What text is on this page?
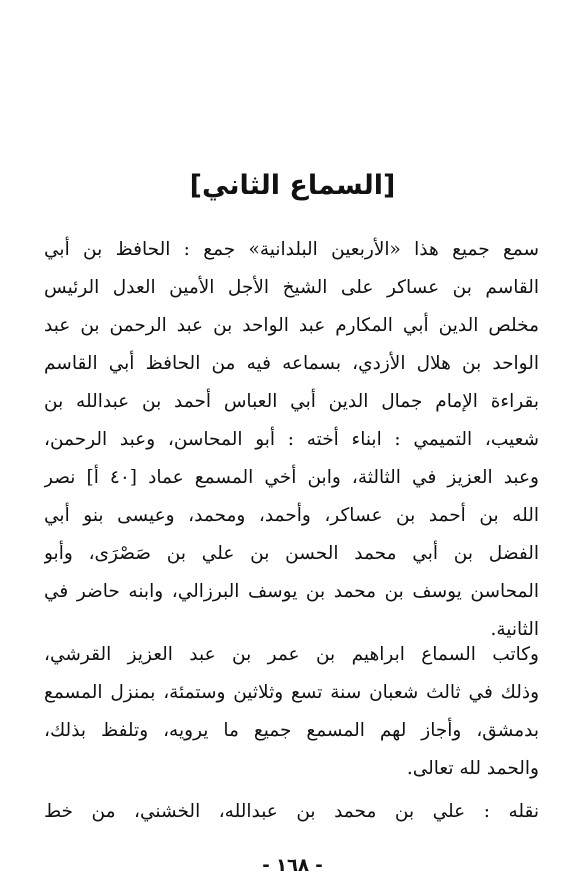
[السماع الثاني]
سمع جميع هذا «الأربعين البلدانية» جمع : الحافظ بن أبي
القاسم بن عساكر على الشيخ الأجل الأمين العدل الرئيس
مخلص الدين أبي المكارم عبد الواحد بن عبد الرحمن بن عبد
الواحد بن هلال الأزدي، بسماعه فيه من الحافظ أبي القاسم
بقراءة الإمام جمال الدين أبي العباس أحمد بن عبدالله بن
شعيب، التميمي : ابناء أخته : أبو المحاسن، وعبد الرحمن،
وعبد العزيز في الثالثة، وابن أخي المسمع عماد [٤٠ أ] نصر
الله بن أحمد بن عساكر، وأحمد، ومحمد، وعيسى بنو أبي
الفضل بن أبي محمد الحسن بن علي بن صَصْرَى، وأبو
المحاسن يوسف بن محمد بن يوسف البرزالي، وابنه حاضر في
الثانية.
وكاتب السماع ابراهيم بن عمر بن عبد العزيز القرشي،
وذلك في ثالث شعبان سنة تسع وثلاثين وستمئة، بمنزل المسمع
بدمشق، وأجاز لهم المسمع جميع ما يرويه، وتلفظ بذلك،
والحمد لله تعالى.
نقله : علي بن محمد بن عبدالله، الخشني، من خط
- ١٦٨ -
